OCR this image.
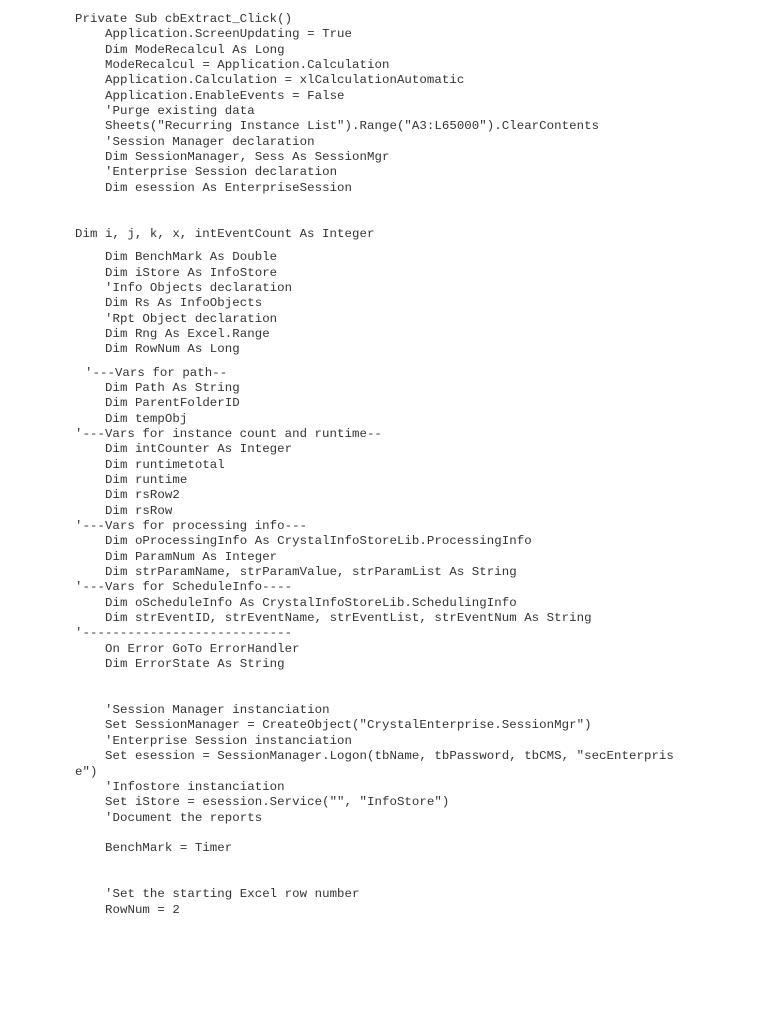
Private Sub cbExtract_Click()
Application.ScreenUpdating = True
Dim ModeRecalcul As Long
ModeRecalcul = Application.Calculation
Application.Calculation = xlCalculationAutomatic
Application.EnableEvents = False
'Purge existing data
Sheets("Recurring Instance List").Range("A3:L65000").ClearContents
'Session Manager declaration
Dim SessionManager, Sess As SessionMgr
'Enterprise Session declaration
Dim esession As EnterpriseSession
Dim i, j, k, x, intEventCount As Integer
Dim BenchMark As Double
Dim iStore As InfoStore
'Info Objects declaration
Dim Rs As InfoObjects
'Rpt Object declaration
Dim Rng As Excel.Range
Dim RowNum As Long
'---Vars for path--
Dim Path As String
Dim ParentFolderID
Dim tempObj
'---Vars for instance count and runtime--
Dim intCounter As Integer
Dim runtimetotal
Dim runtime
Dim rsRow2
Dim rsRow
'---Vars for processing info---
Dim oProcessingInfo As CrystalInfoStoreLib.ProcessingInfo
Dim ParamNum As Integer
Dim strParamName, strParamValue, strParamList As String
'---Vars for ScheduleInfo----
Dim oScheduleInfo As CrystalInfoStoreLib.SchedulingInfo
Dim strEventID, strEventName, strEventList, strEventNum As String
'----------------------------
On Error GoTo ErrorHandler
Dim ErrorState As String
'Session Manager instanciation
Set SessionManager = CreateObject("CrystalEnterprise.SessionMgr")
'Enterprise Session instanciation
Set esession = SessionManager.Logon(tbName, tbPassword, tbCMS, "secEnterpris
e")
'Infostore instanciation
Set iStore = esession.Service("", "InfoStore")
'Document the reports
BenchMark = Timer
'Set the starting Excel row number
RowNum = 2
